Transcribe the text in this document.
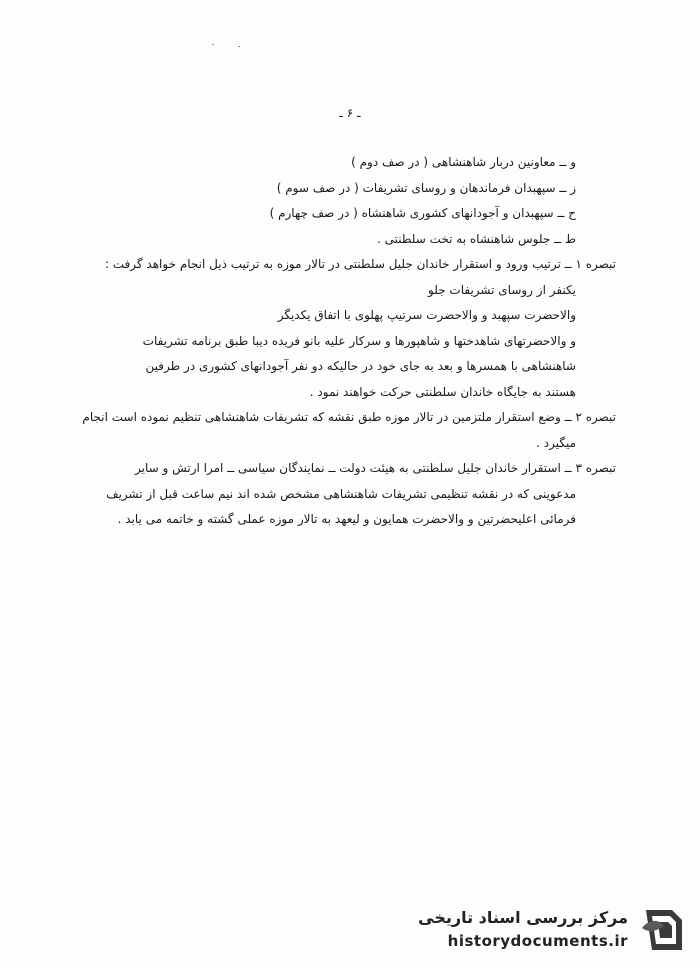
ـ ۶ ـ
و ــ معاونین دربار شاهنشاهی ( در صف دوم )
ز ــ سپهبدان فرماندهان و روسای تشریفات ( در صف سوم )
ح ــ سپهبدان و آجودانهای کشوری شاهنشاه ( در صف چهارم )
ط ــ جلوس شاهنشاه به تخت سلطنتی .
تبصره ۱ ــ ترتیب ورود و استقرار خاندان جلیل سلطنتی در تالار موزه به ترتیب ذیل انجام خواهد گرفت :
یکنفر از روسای تشریفات جلو
والاحضرت سپهبد و والاحضرت سرتیپ پهلوی با اتفاق یکدیگر
و والاحضرتهای شاهدختها و شاهپورها و سرکار علیه بانو فریده دیبا طبق برنامه تشریفات
شاهنشاهی با همسرها و بعد به جای خود در حالیکه دو نفر آجودانهای کشوری در طرفین
هستند به جایگاه خاندان سلطنتی حرکت خواهند نمود .
تبصره ۲ ــ وضع استقرار ملتزمین در تالار موزه طبق نقشه که تشریفات شاهنشاهی تنظیم نموده است انجام
میگیرد .
تبصره ۳ ــ استقرار خاندان جلیل سلطنتی به هیئت دولت ــ نمایندگان سیاسی ــ امرا ارتش و سایر
مدعوینی که در نقشه تنظیمی تشریفات شاهنشاهی مشخص شده اند نیم ساعت قبل از تشریف
فرمائی اعلیحضرتین و والاحضرت همایون و لیعهد به تالار موزه عملی گشته و خاتمه می یابد .
مرکز بررسی اسناد تاریخی
historydocuments.ir
